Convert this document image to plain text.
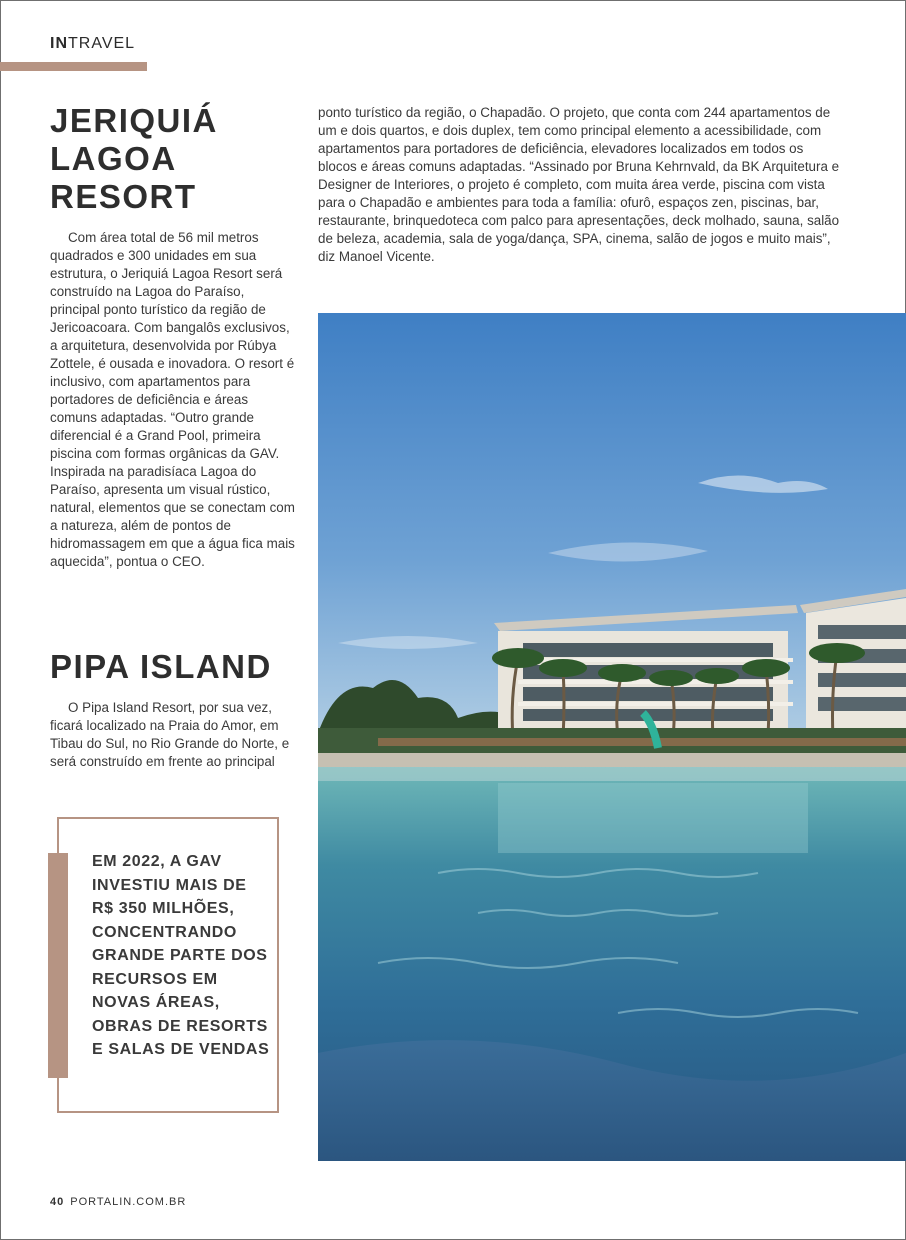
INTRAVEL
JERIQUIÁ
LAGOA
RESORT

Com área total de 56 mil metros quadrados e 300 unidades em sua estrutura, o Jeriquiá Lagoa Resort será construído na Lagoa do Paraíso, principal ponto turístico da região de Jericoacoara. Com bangalôs exclusivos, a arquitetura, desenvolvida por Rúbya Zottele, é ousada e inovadora. O resort é inclusivo, com apartamentos para portadores de deficiência e áreas comuns adaptadas. “Outro grande diferencial é a Grand Pool, primeira piscina com formas orgânicas da GAV. Inspirada na paradisíaca Lagoa do Paraíso, apresenta um visual rústico, natural, elementos que se conectam com a natureza, além de pontos de hidromassagem em que a água fica mais aquecida”, pontua o CEO.

PIPA ISLAND

O Pipa Island Resort, por sua vez, ficará localizado na Praia do Amor, em Tibau do Sul, no Rio Grande do Norte, e será construído em frente ao principal

ponto turístico da região, o Chapadão. O projeto, que conta com 244 apartamentos de um e dois quartos, e dois duplex, tem como principal elemento a acessibilidade, com apartamentos para portadores de deficiência, elevadores localizados em todos os blocos e áreas comuns adaptadas. “Assinado por Bruna Kehrnvald, da BK Arquitetura e Designer de Interiores, o projeto é completo, com muita área verde, piscina com vista para o Chapadão e ambientes para toda a família: ofurô, espaços zen, piscinas, bar, restaurante, brinquedoteca com palco para apresentações, deck molhado, sauna, salão de beleza, academia, sala de yoga/dança, SPA, cinema, salão de jogos e muito mais”, diz Manoel Vicente.

EM 2022, A GAV INVESTIU MAIS DE R$ 350 MILHÕES, CONCENTRANDO GRANDE PARTE DOS RECURSOS EM NOVAS ÁREAS, OBRAS DE RESORTS E SALAS DE VENDAS

40 PORTALIN.COM.BR
